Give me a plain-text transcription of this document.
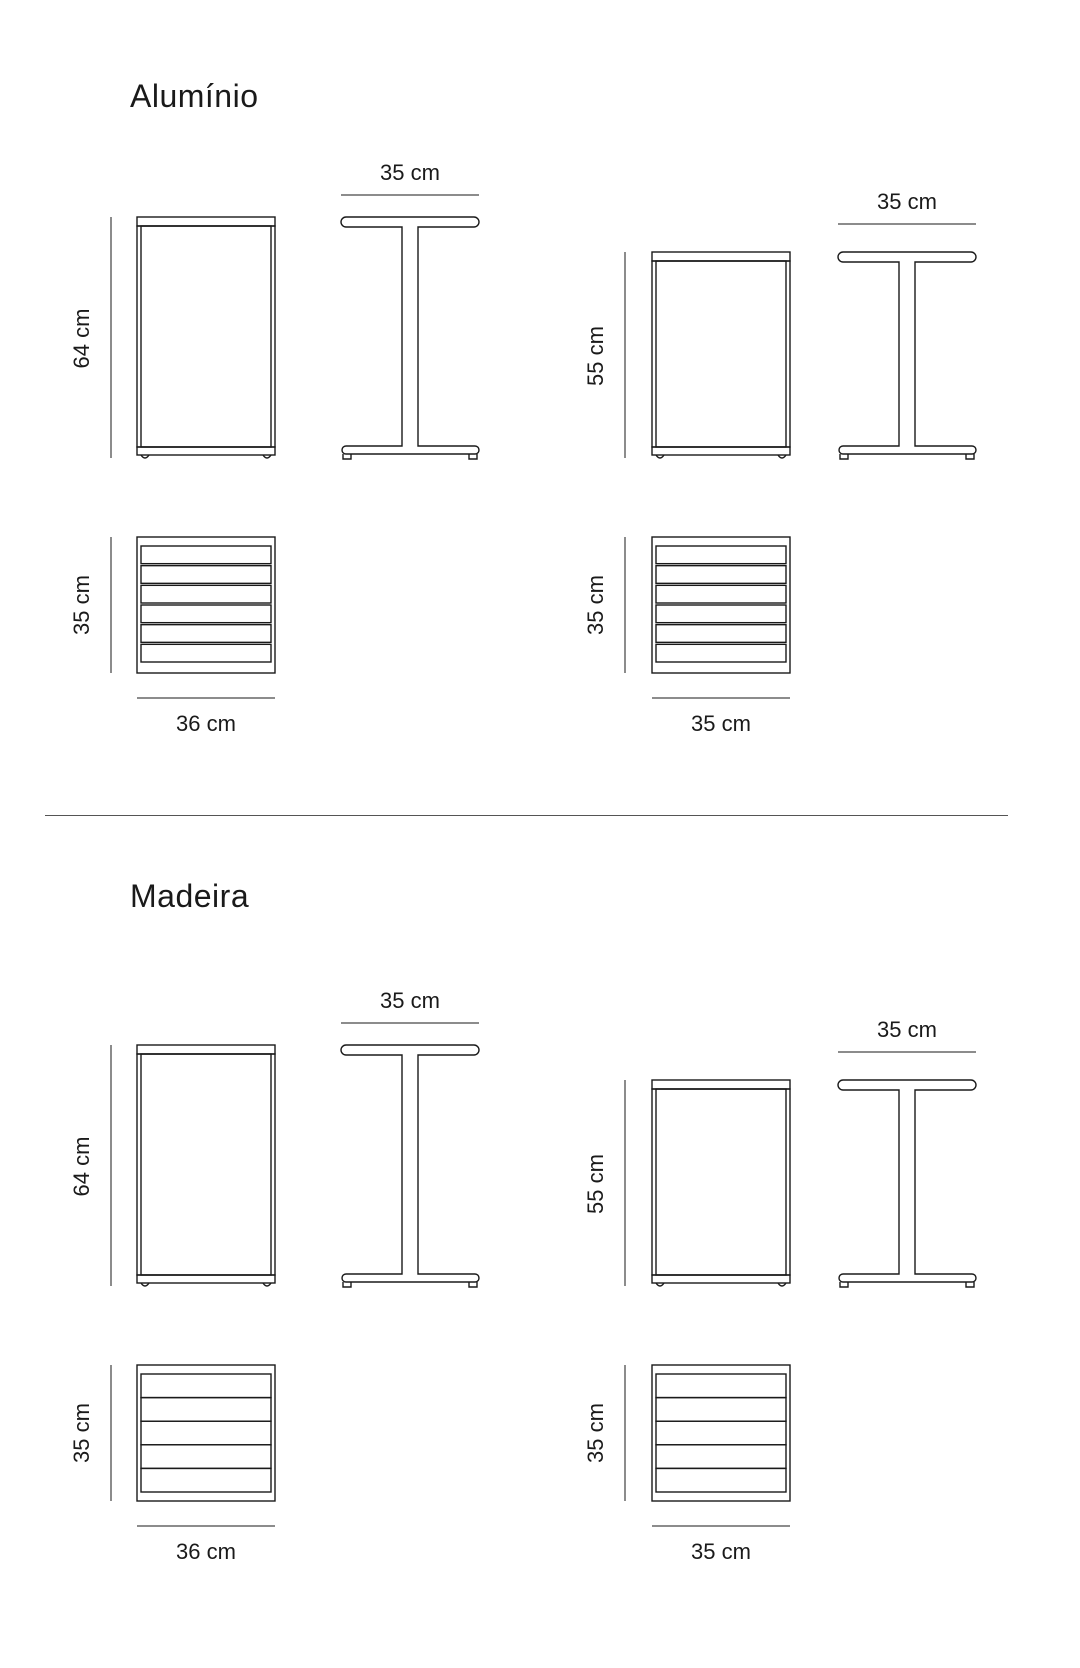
Alumínio
Madeira
64 cm
35 cm
35 cm
36 cm
55 cm
35 cm
35 cm
35 cm
64 cm
35 cm
35 cm
36 cm
55 cm
35 cm
35 cm
35 cm
